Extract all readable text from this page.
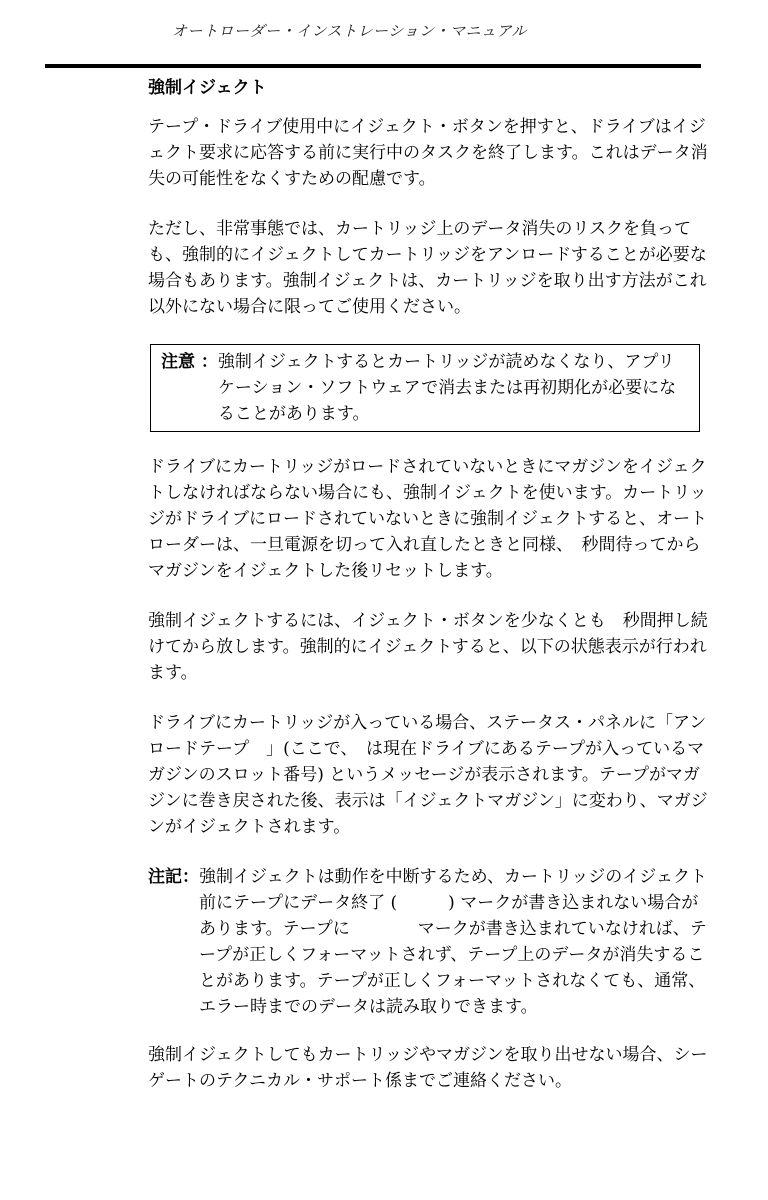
オートローダー・インストレーション・マニュアル
強制イジェクト

テープ・ドライブ使用中にイジェクト・ボタンを押すと、ドライブはイジェクト要求に応答する前に実行中のタスクを終了します。これはデータ消失の可能性をなくすための配慮です。

ただし、非常事態では、カートリッジ上のデータ消失のリスクを負っても、強制的にイジェクトしてカートリッジをアンロードすることが必要な場合もあります。強制イジェクトは、カートリッジを取り出す方法がこれ以外にない場合に限ってご使用ください。

注意 ： 強制イジェクトするとカートリッジが読めなくなり、アプリケーション・ソフトウェアで消去または再初期化が必要になることがあります。

ドライブにカートリッジがロードされていないときにマガジンをイジェクトしなければならない場合にも、強制イジェクトを使います。カートリッジがドライブにロードされていないときに強制イジェクトすると、オートローダーは、一旦電源を切って入れ直したときと同様、　秒間待ってからマガジンをイジェクトした後リセットします。

強制イジェクトするには、イジェクト・ボタンを少なくとも　秒間押し続けてから放します。強制的にイジェクトすると、以下の状態表示が行われます。

ドライブにカートリッジが入っている場合、ステータス・パネルに「アンロードテープ　」(ここで、　は現在ドライブにあるテープが入っているマガジンのスロット番号) というメッセージが表示されます。テープがマガジンに巻き戻された後、表示は「イジェクトマガジン」に変わり、マガジンがイジェクトされます。

注記： 強制イジェクトは動作を中断するため、カートリッジのイジェクト前にテープにデータ終了 (　　　) マークが書き込まれない場合があります。テープに　　　　マークが書き込まれていなければ、テープが正しくフォーマットされず、テープ上のデータが消失することがあります。テープが正しくフォーマットされなくても、通常、エラー時までのデータは読み取りできます。

強制イジェクトしてもカートリッジやマガジンを取り出せない場合、シーゲートのテクニカル・サポート係までご連絡ください。
